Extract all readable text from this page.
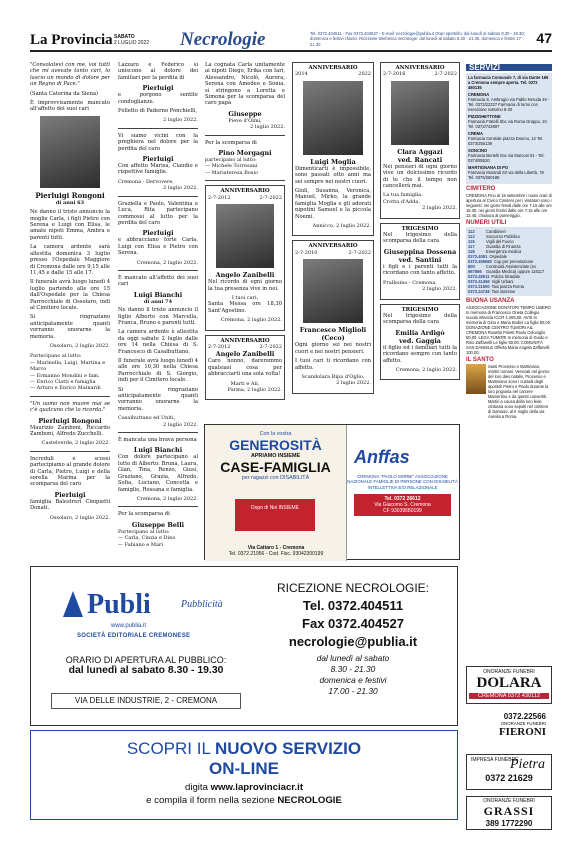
La Provincia SABATO
2 LUGLIO 2022 Necrologie	Tel. 0372.404511 - Fax 0372.404527 - E-mail: necrologie@publia.it Orari sportello: dal lunedì al sabato 8.30 - 19.30; domenica e festivi chiuso. Ricezione telefonica necrologie: dal lunedì al sabato 8.30 - 21.30, domenica e festivi 17 - 21.30	47

"Consolatevi con me, voi tutti che mi avevate tanto cari, lo lascio un mondo di dolore per un Regno di Pace."

(Santa Caterina da Siena)

È improvvisamente mancato all'affetto dei suoi cari

Pierluigi Rongoni
di anni 63

Ne danno il triste annuncio la moglie Carla, i figli Pietro con Serena e Luigi con Elisa, le amate nipoti Emma, Ambra e parenti tutti.

La camera ardente sarà allestita domenica 3 luglio presso l'Ospedale Maggiore di Cremona dalle ore 9,15 alle 11,45 e dalle 15 alle 17.

Il funerale avrà luogo lunedì 4 luglio partendo alle ore 15 dall'Ospedale per la Chiesa Parrocchiale di Ossolaro, indi al Cimitero locale.

Si ringraziano anticipatamente quanti vorranno onorarne la memoria.

Ossolaro, 2 luglio 2022.
Partecipano al lutto:
— Marinella, Luigi, Martina e Marco
— Ermanno Mondini e fam.
— Enrico Ciatti e famiglia
— Arturo e Enrico Mainardi

"Un uomo non muore mai se c'è qualcuno che lo ricorda."

Pierluigi Rongoni

Maurizio Zamboni, Riccardo Zamboni, Alfredo Zucchelli.

Castelverde, 2 luglio 2022.

Increduli e scossi partecipiamo al grande dolore di Carla, Pietro, Luigi e della sorella Marina per la scomparsa del caro

Pierluigi

famiglia Balestreri Cinquetti Donati.

Ossolaro, 2 luglio 2022.

Lazzaro e Federico si uniscono al dolore dei familiari per la perdita di

Pierluigi

e porgono sentite condoglianze.

Folletto di Paderno Ponchielli,

2 luglio 2022.

Vi siamo vicini con la preghiera nel dolore per la perdita del caro

Pierluigi

Con affetto Marisa, Claudio e rispettive famiglie.

Cremona - Dervovere,
2 luglio 2022.

Graziella e Paolo, Valentina e Luca, Rita partecipano commossi al lutto per la perdita del caro

Pierluigi

e abbracciano forte Carla, Luigi con Elisa e Pietro con Serena.

Cremona, 2 luglio 2022.

È mancato all'affetto dei suoi cari

Luigi Bianchi
di anni 74

Ne danno il triste annuncio il figlio Alberto con Marcella, Franca, Bruno e parenti tutti.

La camera ardente è allestita da oggi sabato 2 luglio dalle ore 14 nella Chiesa di S. Francesco di Casalbuttano.

Il funerale avrà luogo lunedì 4 alle ore 10,30 nella Chiesa Parrocchiale di S. Giorgio, indi per il Cimitero locale.

Si ringraziano anticipatamente quanti vorranno onorarne la memoria.

Casalbuttano ed Uniti,
2 luglio 2022.

È mancata una brava persona

Luigi Bianchi

Con dolore partecipano al lutto di Alberto: Bruna, Laura, Gian, Tina, Renzo, Giusi, Graziano, Grazia, Alfredo, Sofia, Luciano, Concetta e famiglie, Rossana e famiglia.

Cremona, 2 luglio 2022.

Per la scomparsa di

Giuseppe Belli
Partecipano al lutto:
— Carla, Cinzia e Dino
— Fabiano e Mari

La cognata Carla unitamente ai nipoti Diego, Erika con Iari, Alessandro, Nicolò, Aurora, Serena con Amedeo e Sonia, si stringono a Loretta e Simona per la scomparsa del caro papà

Giuseppe
Pieve d'Olmi,
2 luglio 2022.

Per la scomparsa di

Pino Morgagni
partecipano al lutto:
— Michele Torresani
— Mariateresa Bosio
ANNIVERSARIO
2-7-2012	2-7-2022
Angelo Zanibelli

Nel ricordo di ogni giorno la tua presenza vive in noi.

I tuoi cari.

Santa Messa ore 18,30 Sant'Agostino.

Cremona, 2 luglio 2022.
ANNIVERSARIO
2-7-2012	2-7-2022
Angelo Zanibelli

Caro nonno, dareremmo qualsiasi cosa per abbracciarti una sola volta!

Marti e Ali.
Parma, 2 luglio 2022.
ANNIVERSARIO
2014	2022
Luigi Moglia

Dimenticarti è impossibile, sono passati otto anni ma sei sempre nei nostri cuori.

Giuli, Susanna, Veronica, Manuel, Mirko, la grande famiglia Moglia e gli adorati nipotini Samuel e la piccola Noemi.

Annicco, 2 luglio 2022.
ANNIVERSARIO
2-7-2010	2-7-2022
Francesco Miglioli
(Ceco)

Ogni giorno sei nei nostri cuori e nei nostri pensieri.

I tuoi cari ti ricordano con affetto.

Scandolara Ripa d'Oglio,
2 luglio 2022.
ANNIVERSARIO
2-7-2016	2-7-2022
Clara Aggazi
ved. Rancati

Nei pensieri di ogni giorno vive un dolcissimo ricordo di te che il tempo non cancellerà mai.

La tua famiglia.
Crotta d'Adda,
2 luglio 2022.
TRIGESIMO

Nel trigesimo della scomparsa della cara

Giuseppina Dossena
ved. Santini

i figli e i parenti tutti la ricordano con tanto affetto.

Pralboino - Cremona,
2 luglio 2022.
TRIGESIMO

Nel trigesimo della scomparsa della cara

Emilia Ardigò
ved. Gaggia

il figlio ed i familiari tutti la ricordano sempre con tanto affetto.

Cremona, 2 luglio 2022.
SERVIZI
La farmacia Comunale 7, di via Dante 166 a Cremona sempre aperta. Tel. 0372 460135
CREMONA
Farmacia S. Ambrogio via Pablo Neruda 46 - Tel. 0372/22327 Farmacia di turno con esenzione notturno 8-20
PIZZIGHETTONE
Farmacia Fratelli Sbc via Roma Gruppo, 10 Tel. 0372/743697
CREMA
Farmacia Centrale piazza Duomo, 12 Tel. 0373/256139
SONCINO
Farmacia Bertelli Snc via Marconi 61 - Tel. 0374/85520
MARTIGNANA DI PO
Farmacia Morandi Srl via della Libertà, 78 Tel. 0375/260188
CIMITERO
CREMONA Fino al 15 settembre i nuovi orari di apertura al Civico Cimitero per i visitatori sono i seguenti: nei giorni feriali dalle ore 7.15 alle ore 18.30, nei giorni festivi dalle ore 7.15 alle ore 12.45, chiusura al pomeriggio.
NUMERI UTILI
112	Carabinieri
113	Soccorso Pubblico
115	Vigili del Fuoco
117	Guardia di Finanza
118	Emergenza medica
0372.4051 Ospedale
0372.405560 Cup per prenotazione
800 567866
Continuità Assistenziale (ex Guardia Medica) oppure 116117
0372.49511 Polizia Stradale
0372.41456 Vigili Urbani
0372.21500 Taxi piazza Roma
0372.24748 Taxi stazione
BUONA USANZA
ASSOCIAZIONE DONATORI TEMPO LIBERO In memoria di Francesco Oneta Collegio scuola infanzia ICCR 4 205,00. AVIS In memoria di Gino e Maria Bodini La figlia 50,00. DONAZIONE CENTRO TUMORI AIL CREMONA Rosetta Pinetti Paolo Coloniglio 50,00. LEGA TUMORI In memoria di Guido e Rino Zaffanelli Le figlie 50,00. COMUNITÀ SAN DANIELE Offerta Maria Angela Zaffanelli 100,00.
IL SANTO
Santi Processo e Martiniano, martiri romani. Venerati nel giorno del loro dies natalis, Processo e Martiniano sono i custodi degli apostoli Pietro e Paolo durante la loro prigionia nel carcere Mamertino e da questi convertiti. Martiri a causa della loro fede cristiana sono sepolti nel cimitero di Damaso, al II miglio della via Aurelia a Roma.
Con la vostra
GENEROSITÀ
APRIAMO INSIEME
CASE-FAMIGLIA
per ragazzi con DISABILITÀ
Dopo di Noi INSIEME
Via Cattaro 1 - Cremona
Tel. 0372.21956 - Cod. Fisc. 93042300199
Anffas
CREMONA "PAOLO MORBI" ASSOCIAZIONE NAZIONALE FAMIGLIE DI PERSONE CON DISABILITÀ INTELLETTIVA E/O RELAZIONALE
Tel. 0372 26612
Via Giacomo S. Cremona
CF 93039680199
Publi	Pubblicità
www.publia.it
SOCIETÀ EDITORIALE CREMONESE
ORARIO DI APERTURA AL PUBBLICO:
dal lunedì al sabato 8.30 - 19.30
VIA DELLE INDUSTRIE, 2 - CREMONA
RICEZIONE NECROLOGIE:
Tel. 0372.404511
Fax 0372.404527
necrologie@publia.it
dal lunedì al sabato
8.30 - 21.30
domenica e festivi
17.00 - 21.30
SCOPRI IL NUOVO SERVIZIO
ON-LINE
digita www.laprovinciacr.it
e compila il form nella sezione NECROLOGIE
ONORANZE FUNEBRI
DOLARA
CREMONA 0372 430112
0372.22566
ONORANZE FUNEBRI
FIERONI
IMPRESA FUNEBRE
Pietra
0372 21629
ONORANZE FUNEBRI
GRASSI
389 1772290
